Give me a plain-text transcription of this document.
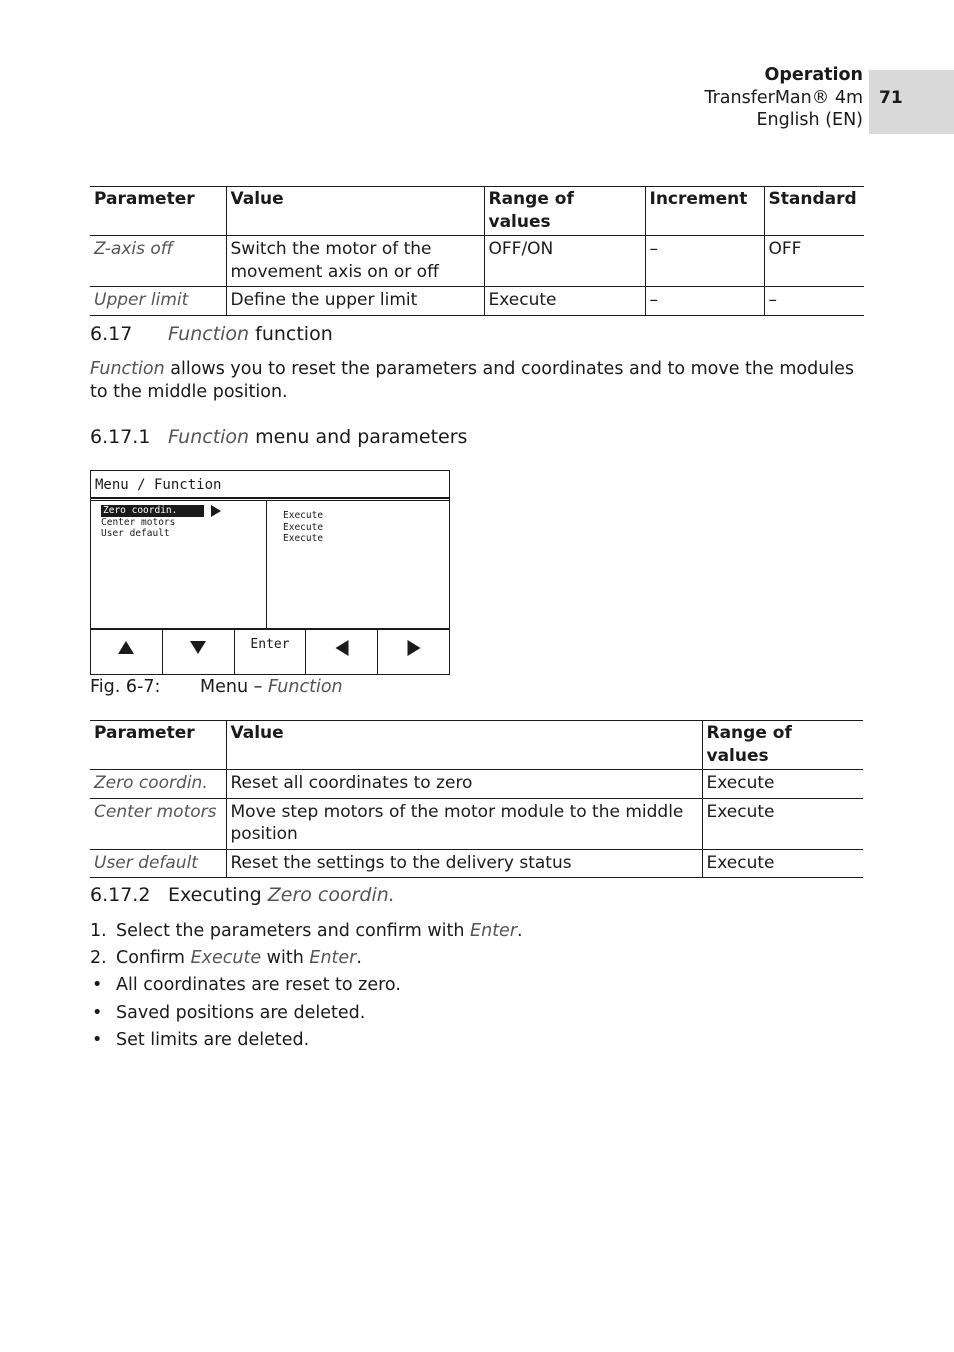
Operation
TransferMan® 4m
English (EN)
71
Parameter	Value	Range of values	Increment	Standard
Z-axis off	Switch the motor of the movement axis on or off	OFF/ON	–	OFF
Upper limit	Define the upper limit	Execute	–	–
6.17 Function function
Function allows you to reset the parameters and coordinates and to move the modules to the middle position.
6.17.1 Function menu and parameters
Menu / Function
Zero coordin.
Center motors
User default
Execute
Execute
Execute
Enter
Fig. 6-7: Menu – Function
Parameter	Value	Range of values
Zero coordin.	Reset all coordinates to zero	Execute
Center motors	Move step motors of the motor module to the middle position	Execute
User default	Reset the settings to the delivery status	Execute
6.17.2 Executing Zero coordin.
1. Select the parameters and confirm with Enter.
2. Confirm Execute with Enter.
• All coordinates are reset to zero.
• Saved positions are deleted.
• Set limits are deleted.
